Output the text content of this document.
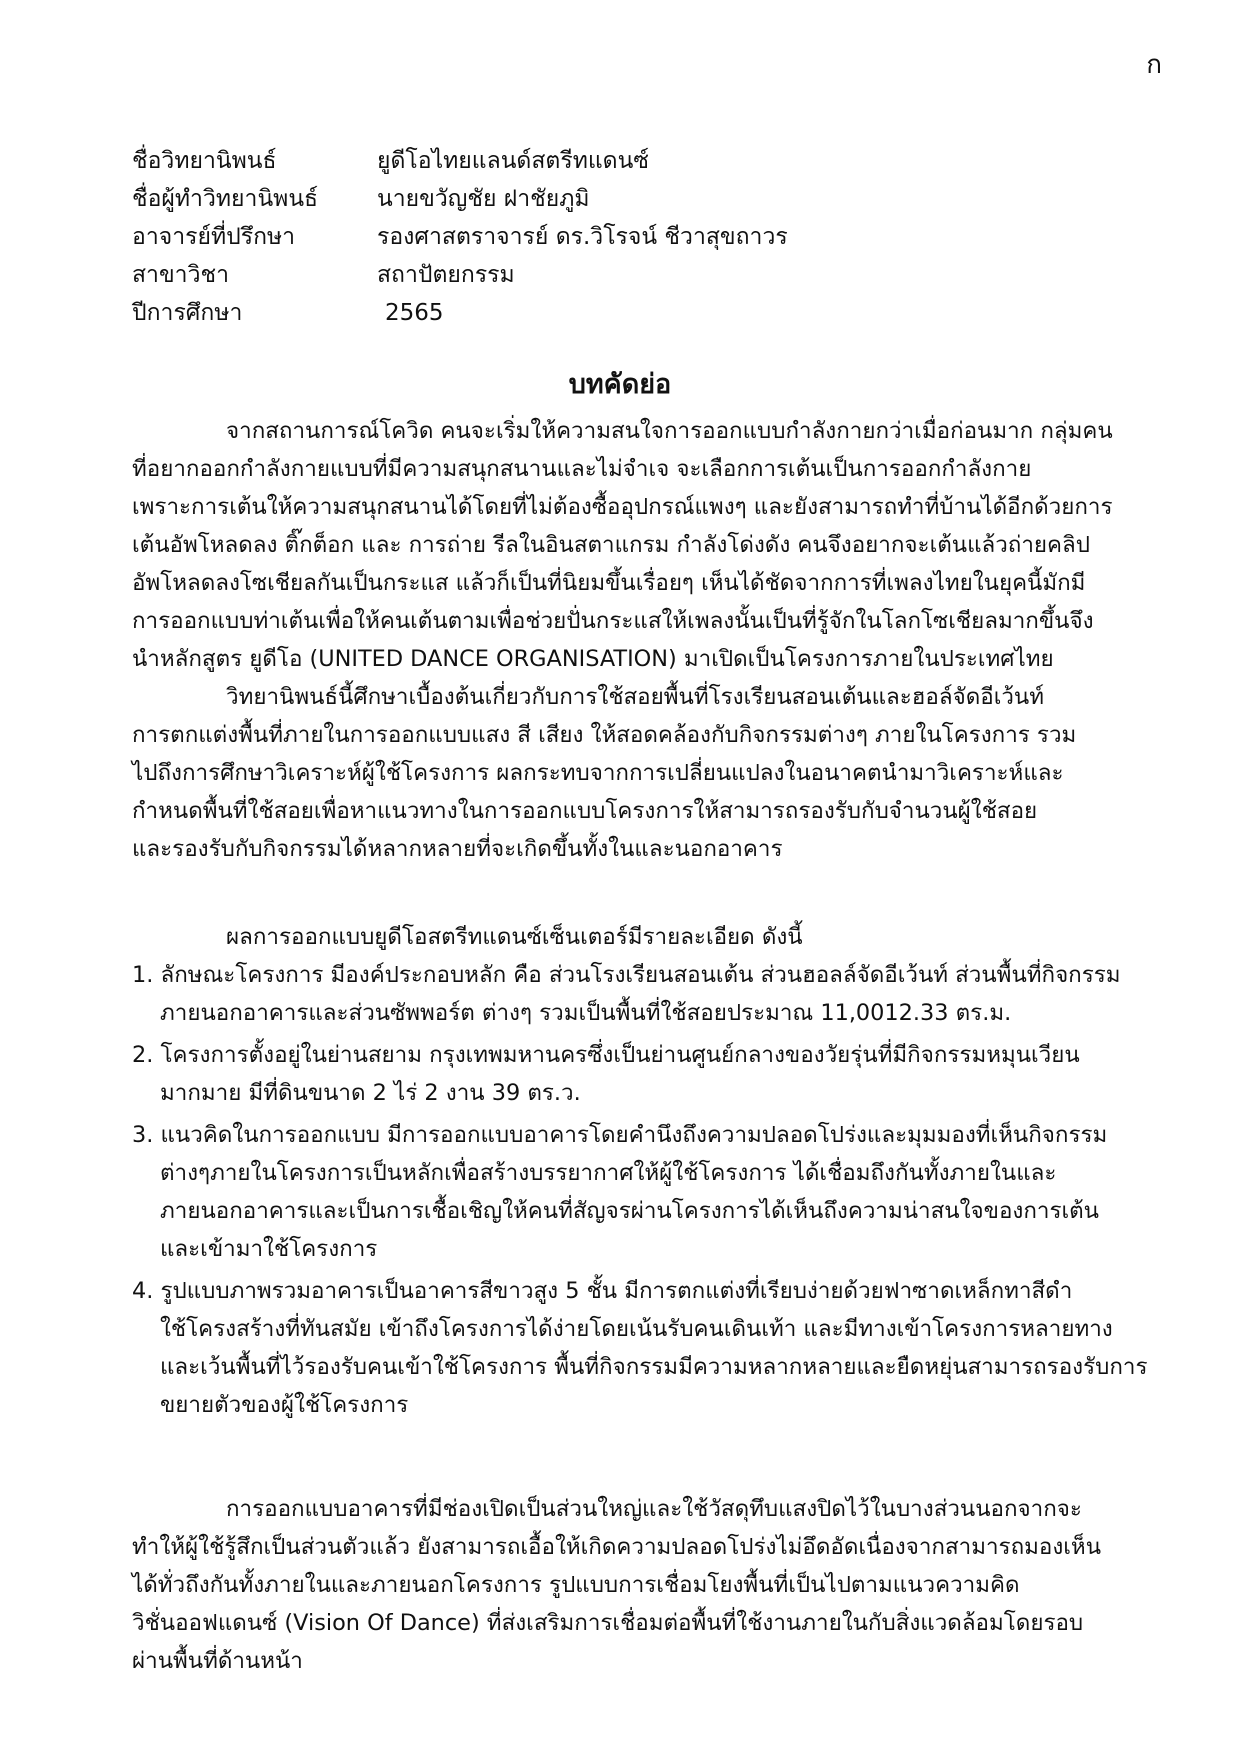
ก
ชื่อวิทยานิพนธ์	ยูดีโอไทยแลนด์สตรีทแดนซ์
ชื่อผู้ทำวิทยานิพนธ์	นายขวัญชัย ฝาชัยภูมิ
อาจารย์ที่ปรึกษา	รองศาสตราจารย์ ดร.วิโรจน์ ชีวาสุขถาวร
สาขาวิชา	สถาปัตยกรรม
ปีการศึกษา	2565
บทคัดย่อ
จากสถานการณ์โควิด คนจะเริ่มให้ความสนใจการออกแบบกำลังกายกว่าเมื่อก่อนมาก กลุ่มคน
ที่อยากออกกำลังกายแบบที่มีความสนุกสนานและไม่จำเจ จะเลือกการเต้นเป็นการออกกำลังกาย
เพราะการเต้นให้ความสนุกสนานได้โดยที่ไม่ต้องซื้ออุปกรณ์แพงๆ และยังสามารถทำที่บ้านได้อีกด้วยการ
เต้นอัพโหลดลง ติ๊กต็อก และ การถ่าย รีลในอินสตาแกรม กำลังโด่งดัง คนจึงอยากจะเต้นแล้วถ่ายคลิป
อัพโหลดลงโซเชียลกันเป็นกระแส แล้วก็เป็นที่นิยมขึ้นเรื่อยๆ เห็นได้ชัดจากการที่เพลงไทยในยุคนี้มักมี
การออกแบบท่าเต้นเพื่อให้คนเต้นตามเพื่อช่วยปั่นกระแสให้เพลงนั้นเป็นที่รู้จักในโลกโซเชียลมากขึ้นจึง
นำหลักสูตร ยูดีโอ (UNITED DANCE ORGANISATION) มาเปิดเป็นโครงการภายในประเทศไทย
วิทยานิพนธ์นี้ศึกษาเบื้องต้นเกี่ยวกับการใช้สอยพื้นที่โรงเรียนสอนเต้นและฮอล์จัดอีเว้นท์
การตกแต่งพื้นที่ภายในการออกแบบแสง สี เสียง ให้สอดคล้องกับกิจกรรมต่างๆ ภายในโครงการ รวม
ไปถึงการศึกษาวิเคราะห์ผู้ใช้โครงการ ผลกระทบจากการเปลี่ยนแปลงในอนาคตนำมาวิเคราะห์และ
กำหนดพื้นที่ใช้สอยเพื่อหาแนวทางในการออกแบบโครงการให้สามารถรองรับกับจำนวนผู้ใช้สอย
และรองรับกับกิจกรรมได้หลากหลายที่จะเกิดขึ้นทั้งในและนอกอาคาร
ผลการออกแบบยูดีโอสตรีทแดนซ์เซ็นเตอร์มีรายละเอียด ดังนี้
1. ลักษณะโครงการ มีองค์ประกอบหลัก คือ ส่วนโรงเรียนสอนเต้น ส่วนฮอลล์จัดอีเว้นท์ ส่วนพื้นที่กิจกรรม
ภายนอกอาคารและส่วนซัพพอร์ต ต่างๆ รวมเป็นพื้นที่ใช้สอยประมาณ 11,0012.33 ตร.ม.
2. โครงการตั้งอยู่ในย่านสยาม กรุงเทพมหานครซึ่งเป็นย่านศูนย์กลางของวัยรุ่นที่มีกิจกรรมหมุนเวียน
มากมาย มีที่ดินขนาด 2 ไร่ 2 งาน 39 ตร.ว.
3. แนวคิดในการออกแบบ มีการออกแบบอาคารโดยคำนึงถึงความปลอดโปร่งและมุมมองที่เห็นกิจกรรม
ต่างๆภายในโครงการเป็นหลักเพื่อสร้างบรรยากาศให้ผู้ใช้โครงการ ได้เชื่อมถึงกันทั้งภายในและ
ภายนอกอาคารและเป็นการเชื้อเชิญให้คนที่สัญจรผ่านโครงการได้เห็นถึงความน่าสนใจของการเต้น
และเข้ามาใช้โครงการ
4. รูปแบบภาพรวมอาคารเป็นอาคารสีขาวสูง 5 ชั้น มีการตกแต่งที่เรียบง่ายด้วยฟาซาดเหล็กทาสีดำ
ใช้โครงสร้างที่ทันสมัย เข้าถึงโครงการได้ง่ายโดยเน้นรับคนเดินเท้า และมีทางเข้าโครงการหลายทาง
และเว้นพื้นที่ไว้รองรับคนเข้าใช้โครงการ พื้นที่กิจกรรมมีความหลากหลายและยืดหยุ่นสามารถรองรับการ
ขยายตัวของผู้ใช้โครงการ
การออกแบบอาคารที่มีช่องเปิดเป็นส่วนใหญ่และใช้วัสดุทึบแสงปิดไว้ในบางส่วนนอกจากจะ
ทำให้ผู้ใช้รู้สึกเป็นส่วนตัวแล้ว ยังสามารถเอื้อให้เกิดความปลอดโปร่งไม่อึดอัดเนื่องจากสามารถมองเห็น
ได้ทั่วถึงกันทั้งภายในและภายนอกโครงการ รูปแบบการเชื่อมโยงพื้นที่เป็นไปตามแนวความคิด
วิชั่นออฟแดนซ์ (Vision Of Dance) ที่ส่งเสริมการเชื่อมต่อพื้นที่ใช้งานภายในกับสิ่งแวดล้อมโดยรอบ
ผ่านพื้นที่ด้านหน้า
